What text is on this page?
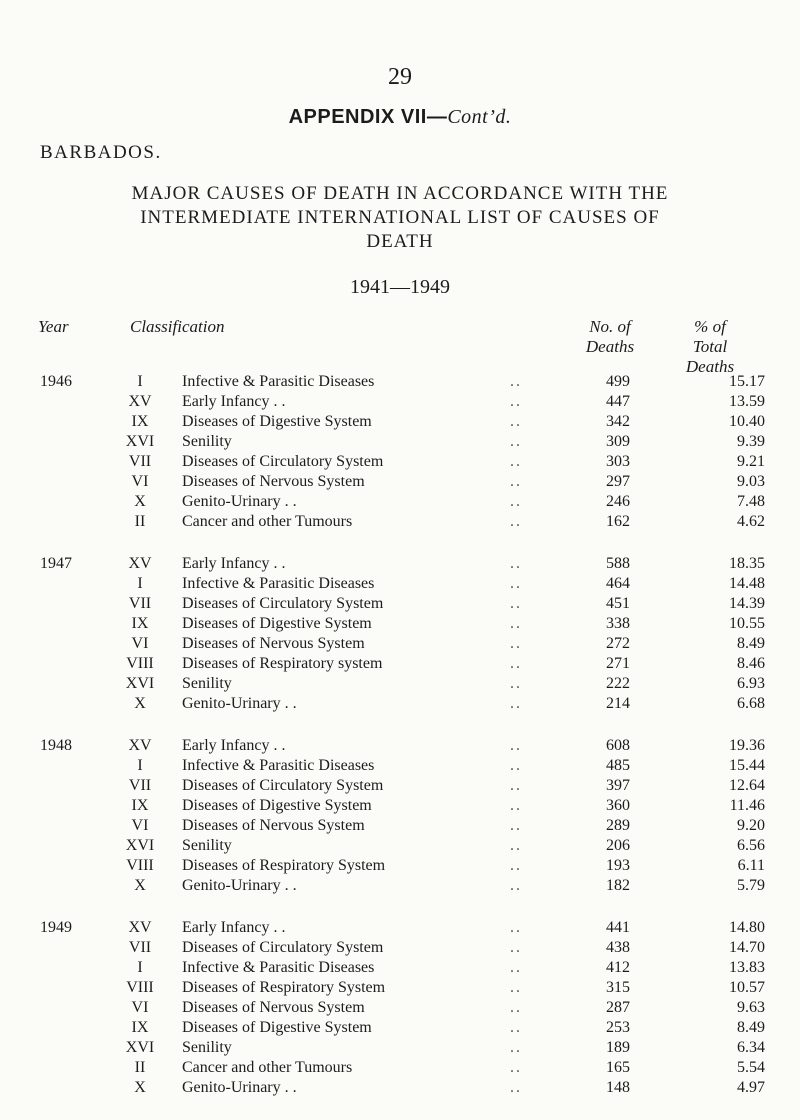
29
APPENDIX VII—Cont’d.
BARBADOS.
MAJOR CAUSES OF DEATH IN ACCORDANCE WITH THE
INTERMEDIATE INTERNATIONAL LIST OF CAUSES OF
DEATH
1941—1949
Year	Classification	No. of
Deaths
% of
Total
Deaths
1946	I	Infective & Parasitic Diseases	..	499	15.17
XV	Early Infancy . .	..	447	13.59
IX	Diseases of Digestive System	..	342	10.40
XVI	Senility	..	309	9.39
VII	Diseases of Circulatory System	..	303	9.21
VI	Diseases of Nervous System	..	297	9.03
X	Genito-Urinary . .	..	246	7.48
II	Cancer and other Tumours	..	162	4.62
1947	XV	Early Infancy . .	..	588	18.35
I	Infective & Parasitic Diseases	..	464	14.48
VII	Diseases of Circulatory System	..	451	14.39
IX	Diseases of Digestive System	..	338	10.55
VI	Diseases of Nervous System	..	272	8.49
VIII	Diseases of Respiratory system	..	271	8.46
XVI	Senility	..	222	6.93
X	Genito-Urinary . .	..	214	6.68
1948	XV	Early Infancy . .	..	608	19.36
I	Infective & Parasitic Diseases	..	485	15.44
VII	Diseases of Circulatory System	..	397	12.64
IX	Diseases of Digestive System	..	360	11.46
VI	Diseases of Nervous System	..	289	9.20
XVI	Senility	..	206	6.56
VIII	Diseases of Respiratory System	..	193	6.11
X	Genito-Urinary . .	..	182	5.79
1949	XV	Early Infancy . .	..	441	14.80
VII	Diseases of Circulatory System	..	438	14.70
I	Infective & Parasitic Diseases	..	412	13.83
VIII	Diseases of Respiratory System	..	315	10.57
VI	Diseases of Nervous System	..	287	9.63
IX	Diseases of Digestive System	..	253	8.49
XVI	Senility	..	189	6.34
II	Cancer and other Tumours	..	165	5.54
X	Genito-Urinary . .	..	148	4.97
